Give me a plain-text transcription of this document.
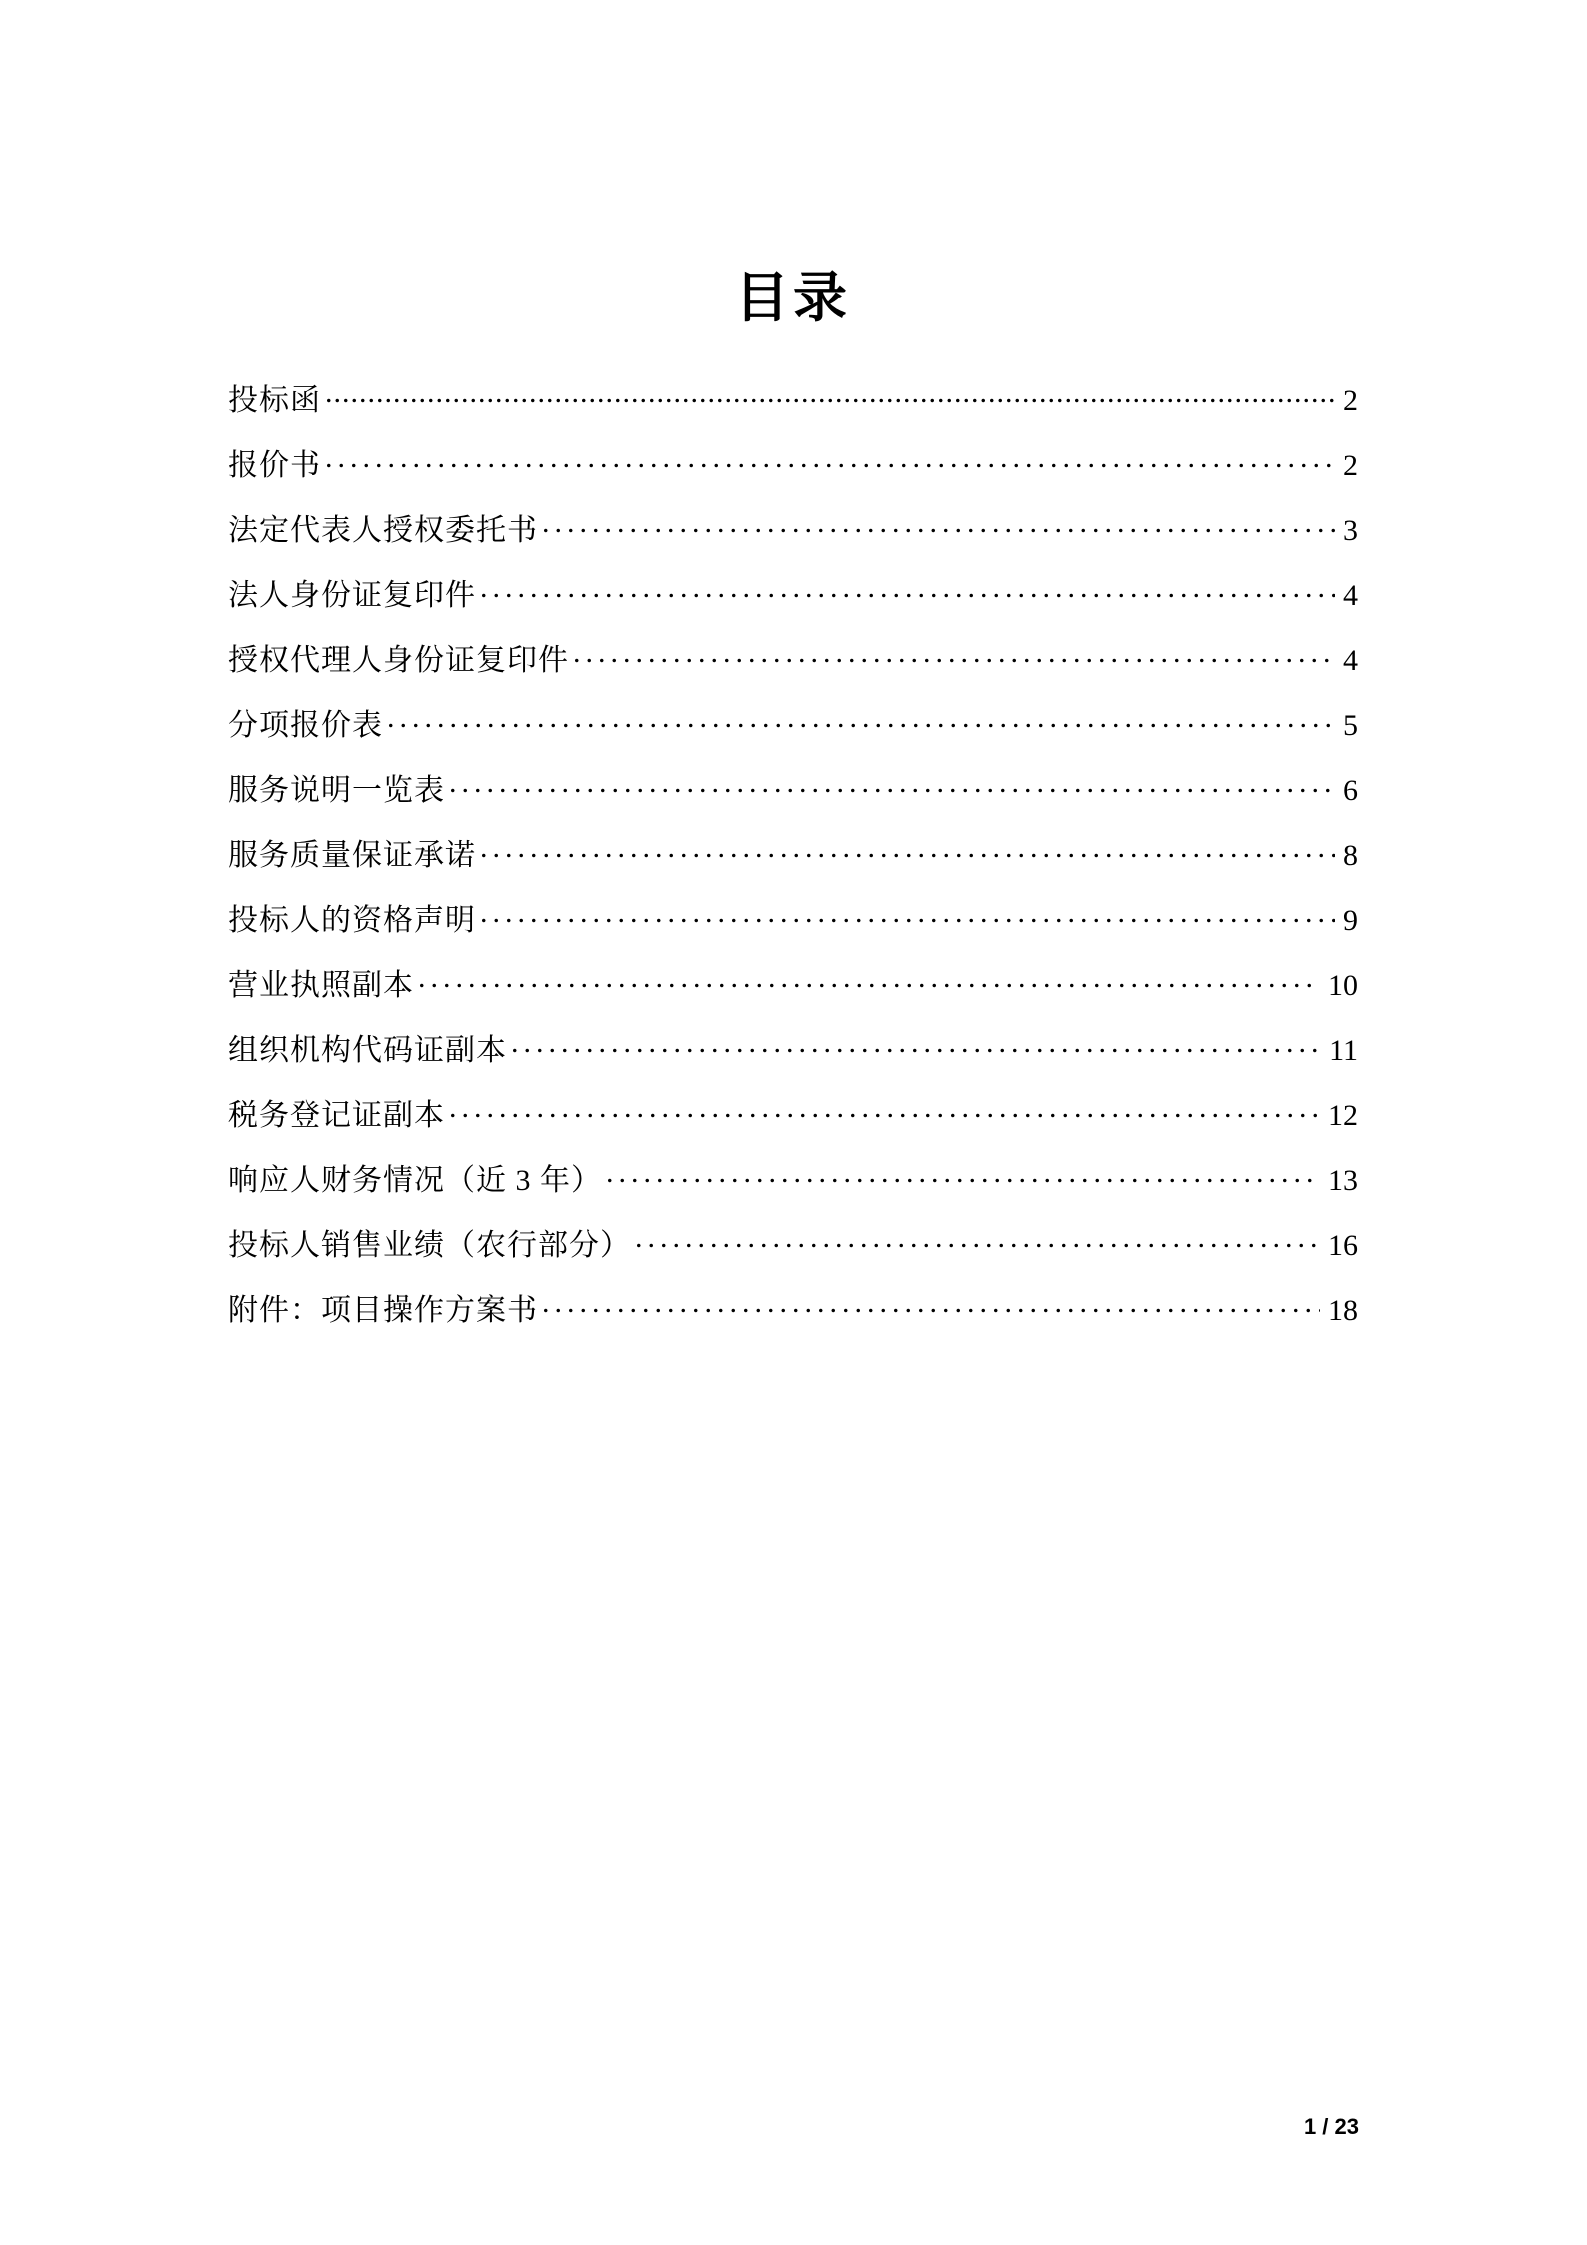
目录
投标函 .....	2
报价书 .....	2
法定代表人授权委托书 .....	3
法人身份证复印件 .....	4
授权代理人身份证复印件 .....	4
分项报价表 .....	5
服务说明一览表 .....	6
服务质量保证承诺 .....	8
投标人的资格声明 .....	9
营业执照副本 .....	10
组织机构代码证副本 .....	11
税务登记证副本 .....	12
响应人财务情况（近 3 年） .....	13
投标人销售业绩（农行部分） .....	16
附件：项目操作方案书 .....	18
1 / 23
